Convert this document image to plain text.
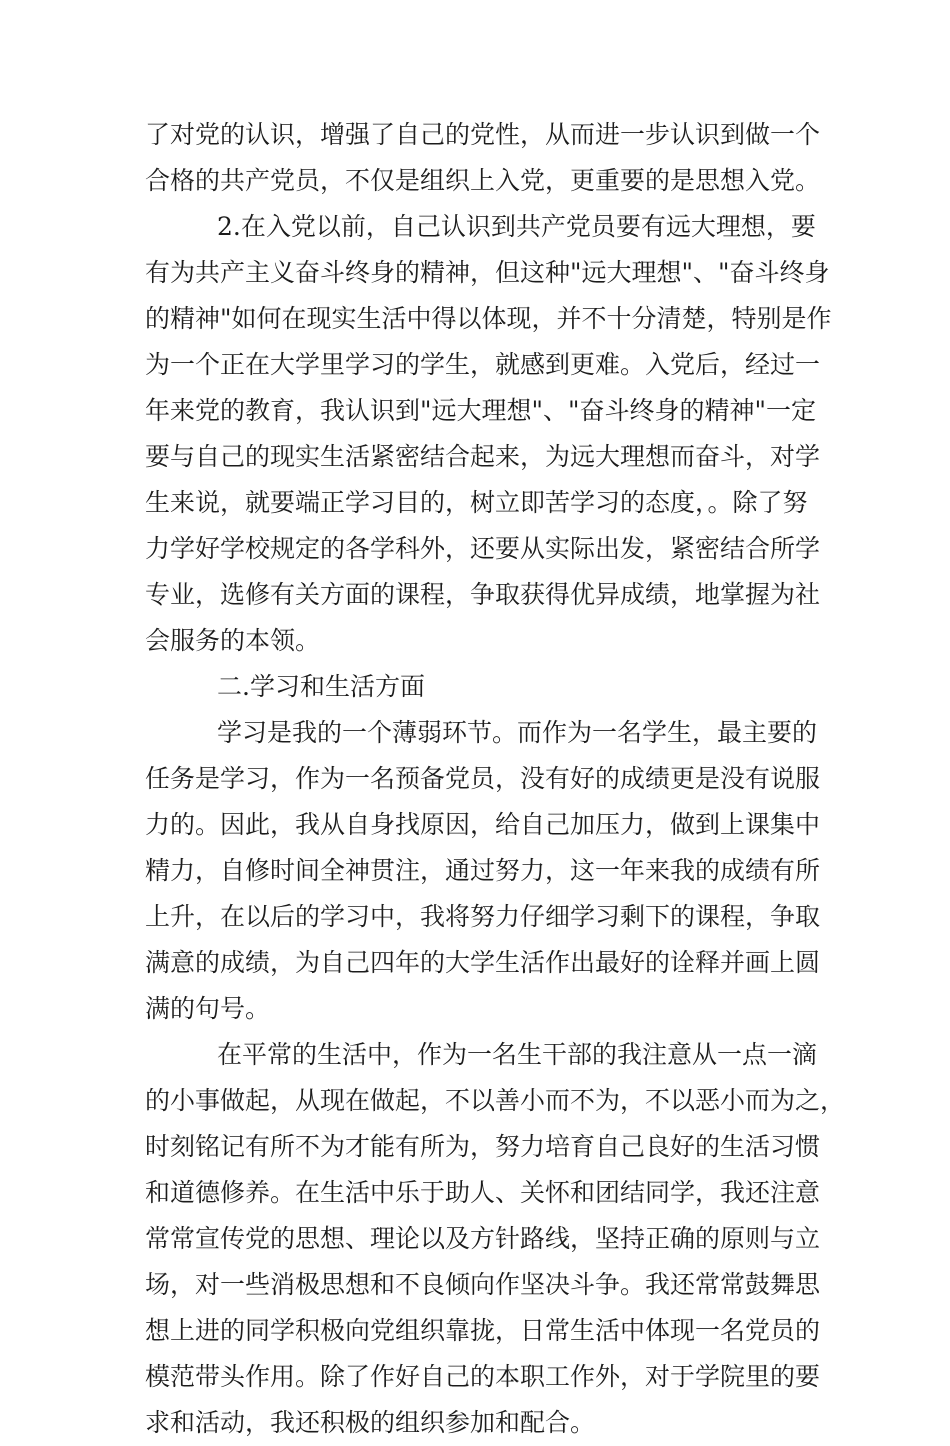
了对党的认识，增强了自己的党性，从而进一步认识到做一个
合格的共产党员，不仅是组织上入党，更重要的是思想入党。

2.在入党以前，自己认识到共产党员要有远大理想，要
有为共产主义奋斗终身的精神，但这种"远大理想"、"奋斗终身
的精神"如何在现实生活中得以体现，并不十分清楚，特别是作
为一个正在大学里学习的学生，就感到更难。入党后，经过一
年来党的教育，我认识到"远大理想"、"奋斗终身的精神"一定
要与自己的现实生活紧密结合起来，为远大理想而奋斗，对学
生来说，就要端正学习目的，树立即苦学习的态度，。除了努
力学好学校规定的各学科外，还要从实际出发，紧密结合所学
专业，选修有关方面的课程，争取获得优异成绩，地掌握为社
会服务的本领。

二.学习和生活方面

学习是我的一个薄弱环节。而作为一名学生，最主要的
任务是学习，作为一名预备党员，没有好的成绩更是没有说服
力的。因此，我从自身找原因，给自己加压力，做到上课集中
精力，自修时间全神贯注，通过努力，这一年来我的成绩有所
上升，在以后的学习中，我将努力仔细学习剩下的课程，争取
满意的成绩，为自己四年的大学生活作出最好的诠释并画上圆
满的句号。

在平常的生活中，作为一名生干部的我注意从一点一滴
的小事做起，从现在做起，不以善小而不为，不以恶小而为之，
时刻铭记有所不为才能有所为，努力培育自己良好的生活习惯
和道德修养。在生活中乐于助人、关怀和团结同学，我还注意
常常宣传党的思想、理论以及方针路线，坚持正确的原则与立
场，对一些消极思想和不良倾向作坚决斗争。我还常常鼓舞思
想上进的同学积极向党组织靠拢，日常生活中体现一名党员的
模范带头作用。除了作好自己的本职工作外，对于学院里的要
求和活动，我还积极的组织参加和配合。
